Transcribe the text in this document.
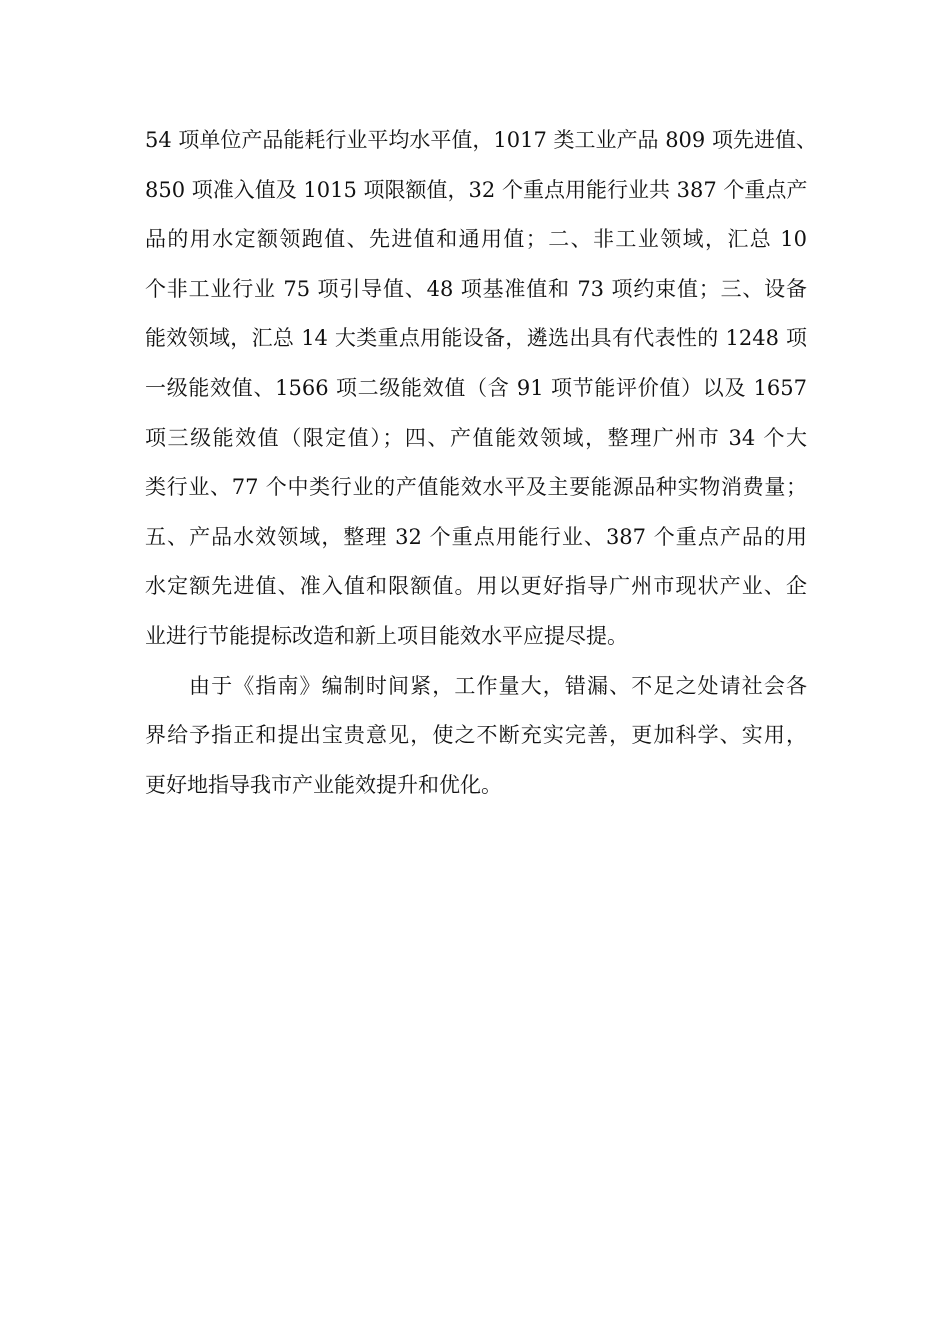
54 项单位产品能耗行业平均水平值，1017 类工业产品 809 项先进值、
850 项准入值及 1015 项限额值，32 个重点用能行业共 387 个重点产
品的用水定额领跑值、先进值和通用值；二、非工业领域，汇总 10
个非工业行业 75 项引导值、48 项基准值和 73 项约束值；三、设备
能效领域，汇总 14 大类重点用能设备，遴选出具有代表性的 1248 项
一级能效值、1566 项二级能效值（含 91 项节能评价值）以及 1657
项三级能效值（限定值）；四、产值能效领域，整理广州市 34 个大
类行业、77 个中类行业的产值能效水平及主要能源品种实物消费量；
五、产品水效领域，整理 32 个重点用能行业、387 个重点产品的用
水定额先进值、准入值和限额值。用以更好指导广州市现状产业、企
业进行节能提标改造和新上项目能效水平应提尽提。
由于《指南》编制时间紧，工作量大，错漏、不足之处请社会各
界给予指正和提出宝贵意见，使之不断充实完善，更加科学、实用，
更好地指导我市产业能效提升和优化。
